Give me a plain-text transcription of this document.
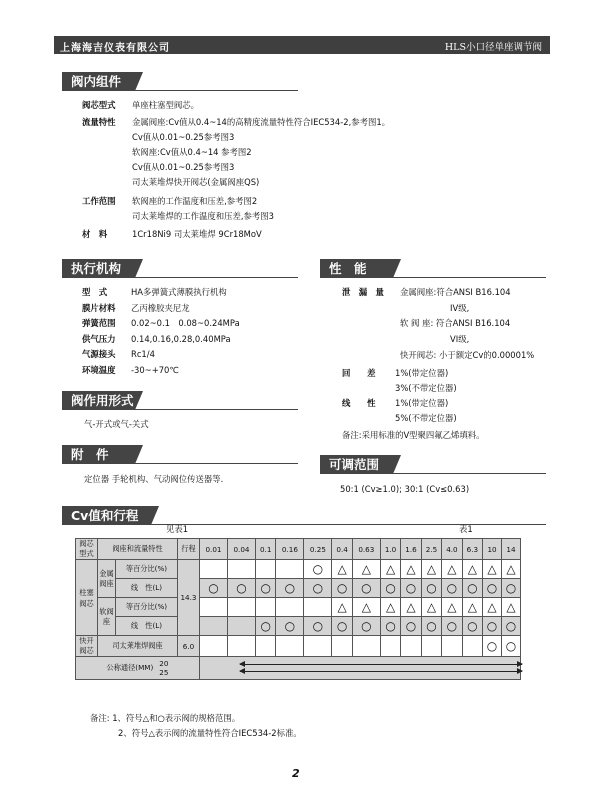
上海海吉仪表有限公司	HLS小口径单座调节阀
阀内组件
阀芯型式 单座柱塞型阀芯。
流量特性 金属阀座:Cv值从0.4~14的高精度流量特性符合IEC534-2,参考图1。
Cv值从0.01~0.25参考图3
软阀座:Cv值从0.4~14 参考图2
Cv值从0.01~0.25参考图3
司太莱堆焊快开阀芯(金属阀座QS)
工作范围 软阀座的工作温度和压差,参考图2
司太莱堆焊的工作温度和压差,参考图3
材　料	1Cr18Ni9 司太莱堆焊 9Cr18MoV
执行机构
型　式	HA多弹簧式薄膜执行机构
膜片材料 乙丙橡胶夹尼龙
弹簧范围 0.02~0.1　0.08~0.24MPa
供气压力 0.14,0.16,0.28,0.40MPa
气源接头 Rc1/4
环境温度 -30~+70℃
阀作用形式
气-开式或气-关式
附　件
定位器 手轮机构、气动阀位传送器等.
性　能
泄　漏　量 金属阀座:符合ANSI B16.104
IV级,
软 阀 座: 符合ANSI B16.104
VI级,
快开阀芯: 小于额定Cv的0.00001%
回　　差 1%(带定位器)
3%(不带定位器)
线　　性 1%(带定位器)
5%(不带定位器)
备注:采用标准的V型聚四氟乙烯填料。
可调范围
50:1 (Cv≥1.0); 30:1 (Cv≤0.63)
Cv值和行程
见表1	表1
阀芯型式	阀座和流量特性		行程	0.01	0.04	0.1	0.16	0.25	0.4	0.63	1.0	1.6	2.5	4.0	6.3	10	14
柱塞阀芯	金属阀座	等百分比(%)	14.3					○	△	△	△	△	△	△	△	△	△
		线　性(L)		○	○	○	○	○	○	○	○	○	○	○	○	○	○
	软阀座	等百分比(%)							△	△	△	△	△	△	△	△	△
		线　性(L)				○	○	○	○	○	○	○	○	○	○	○	○
快开阀芯	司太莱堆焊阀座		6.0													○	○
公称通径(MM) 20
25																	

备注: 1、符号△和○表示阀的规格范围。
2、符号△表示阀的流量特性符合IEC534-2标准。
2
